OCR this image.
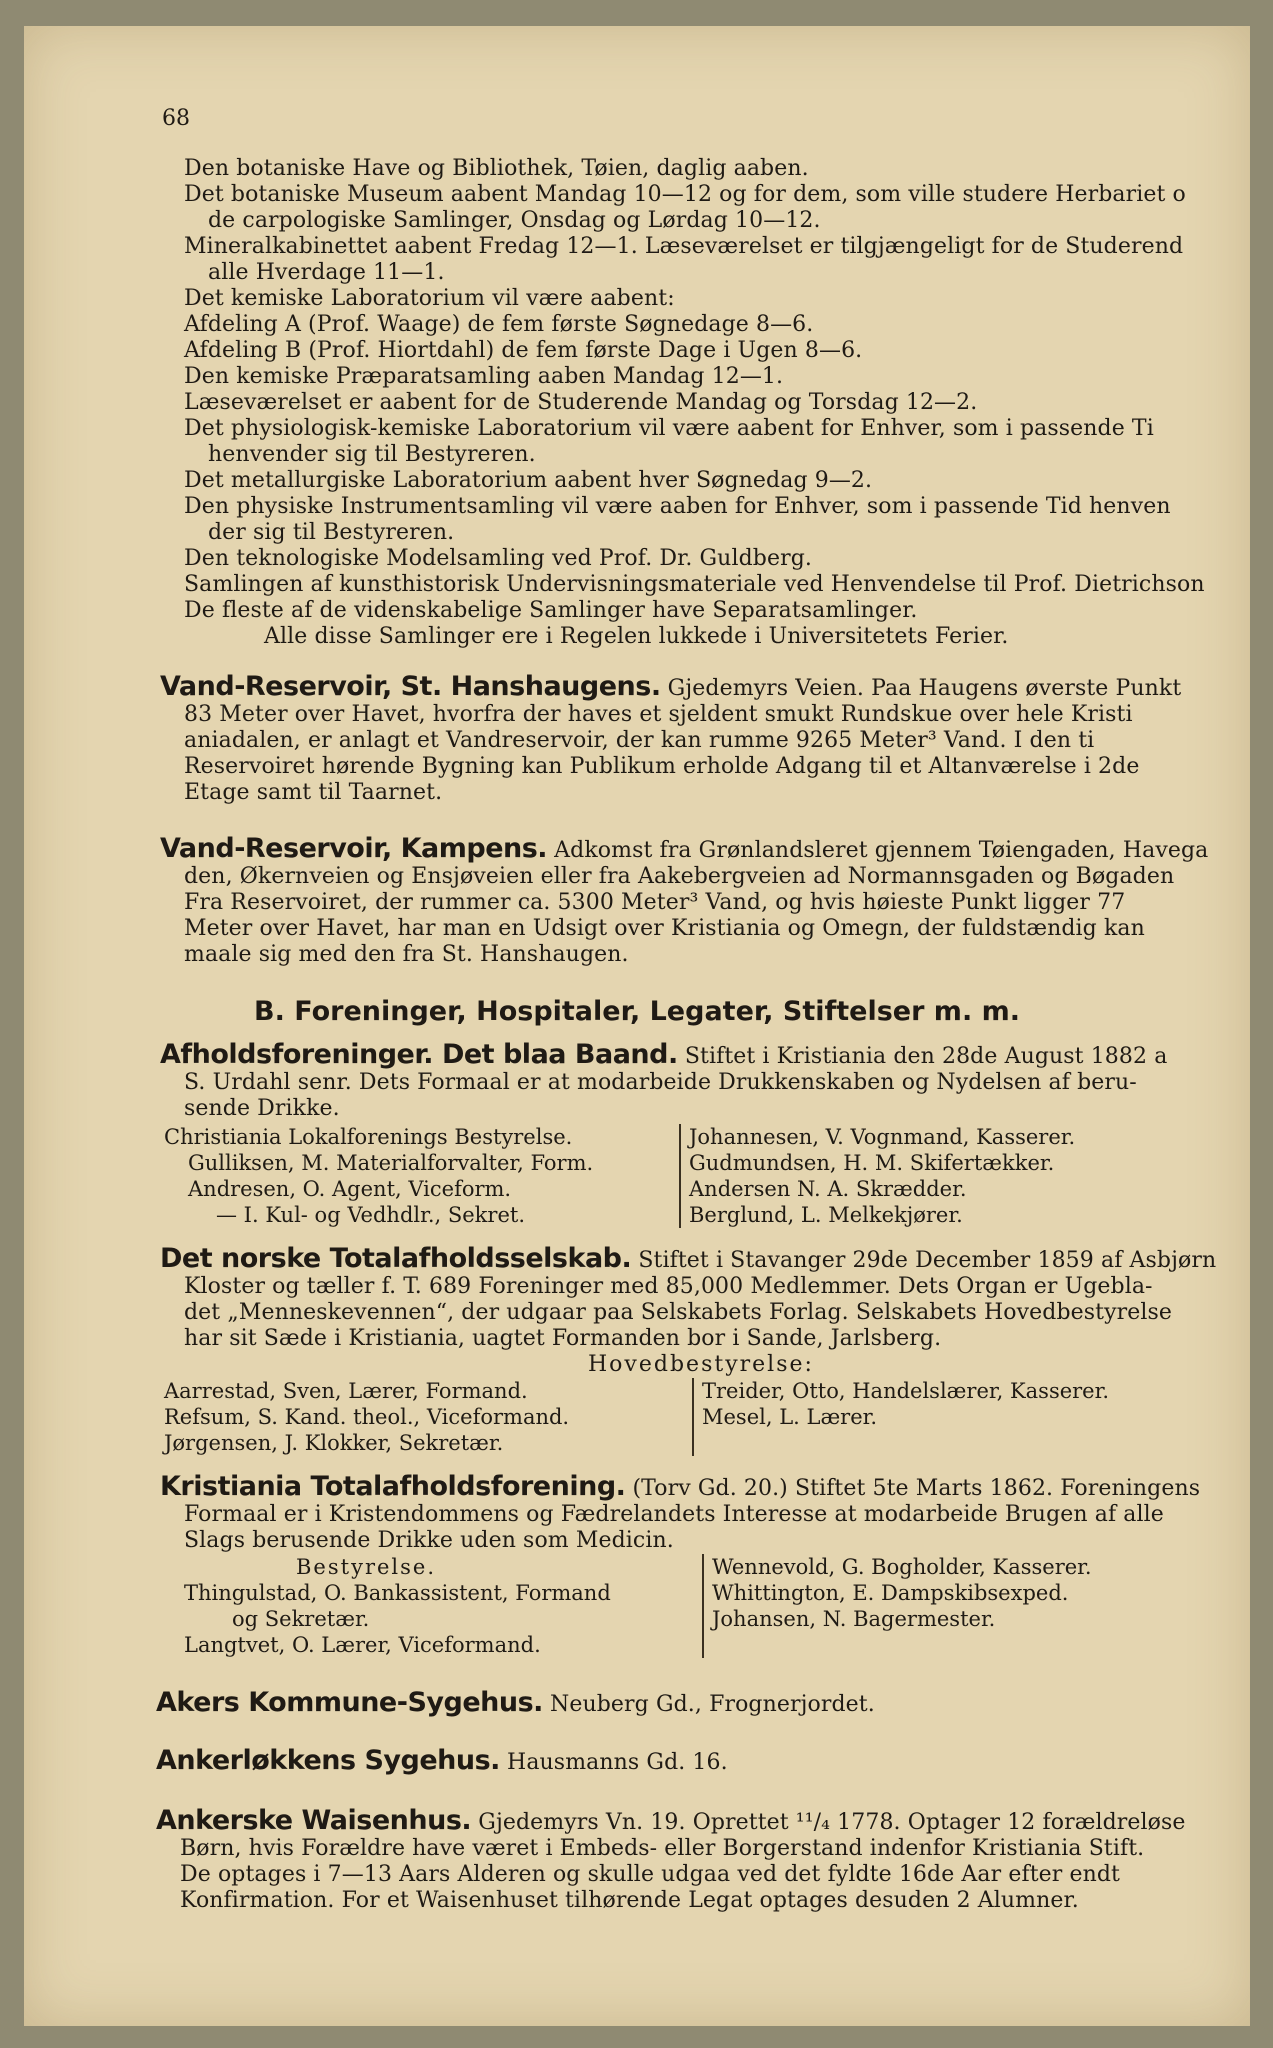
68
Den botaniske Have og Bibliothek, Tøien, daglig aaben.
Det botaniske Museum aabent Mandag 10—12 og for dem, som ville studere Herbariet o
de carpologiske Samlinger, Onsdag og Lørdag 10—12.
Mineralkabinettet aabent Fredag 12—1. Læseværelset er tilgjængeligt for de Studerend
alle Hverdage 11—1.
Det kemiske Laboratorium vil være aabent:
Afdeling A (Prof. Waage) de fem første Søgnedage 8—6.
Afdeling B (Prof. Hiortdahl) de fem første Dage i Ugen 8—6.
Den kemiske Præparatsamling aaben Mandag 12—1.
Læseværelset er aabent for de Studerende Mandag og Torsdag 12—2.
Det physiologisk-kemiske Laboratorium vil være aabent for Enhver, som i passende Ti
henvender sig til Bestyreren.
Det metallurgiske Laboratorium aabent hver Søgnedag 9—2.
Den physiske Instrumentsamling vil være aaben for Enhver, som i passende Tid henven
der sig til Bestyreren.
Den teknologiske Modelsamling ved Prof. Dr. Guldberg.
Samlingen af kunsthistorisk Undervisningsmateriale ved Henvendelse til Prof. Dietrichson
De fleste af de videnskabelige Samlinger have Separatsamlinger.
Alle disse Samlinger ere i Regelen lukkede i Universitetets Ferier.
Vand-Reservoir, St. Hanshaugens. Gjedemyrs Veien. Paa Haugens øverste Punkt
83 Meter over Havet, hvorfra der haves et sjeldent smukt Rundskue over hele Kristi
aniadalen, er anlagt et Vandreservoir, der kan rumme 9265 Meter³ Vand. I den ti
Reservoiret hørende Bygning kan Publikum erholde Adgang til et Altanværelse i 2de
Etage samt til Taarnet.
Vand-Reservoir, Kampens. Adkomst fra Grønlandsleret gjennem Tøiengaden, Havega
den, Økernveien og Ensjøveien eller fra Aakebergveien ad Normannsgaden og Bøgaden
Fra Reservoiret, der rummer ca. 5300 Meter³ Vand, og hvis høieste Punkt ligger 77
Meter over Havet, har man en Udsigt over Kristiania og Omegn, der fuldstændig kan
maale sig med den fra St. Hanshaugen.
B. Foreninger, Hospitaler, Legater, Stiftelser m. m.
Afholdsforeninger. Det blaa Baand. Stiftet i Kristiania den 28de August 1882 a
S. Urdahl senr. Dets Formaal er at modarbeide Drukkenskaben og Nydelsen af beru-
sende Drikke.
Christiania Lokalforenings Bestyrelse.
Gulliksen, M. Materialforvalter, Form.
Andresen, O. Agent, Viceform.
— I. Kul- og Vedhdlr., Sekret.
Johannesen, V. Vognmand, Kasserer.
Gudmundsen, H. M. Skifertækker.
Andersen N. A. Skrædder.
Berglund, L. Melkekjører.
Det norske Totalafholdsselskab. Stiftet i Stavanger 29de December 1859 af Asbjørn
Kloster og tæller f. T. 689 Foreninger med 85,000 Medlemmer. Dets Organ er Ugebla-
det „Menneskevennen“, der udgaar paa Selskabets Forlag. Selskabets Hovedbestyrelse
har sit Sæde i Kristiania, uagtet Formanden bor i Sande, Jarlsberg.
Hovedbestyrelse:
Aarrestad, Sven, Lærer, Formand.
Refsum, S. Kand. theol., Viceformand.
Jørgensen, J. Klokker, Sekretær.
Treider, Otto, Handelslærer, Kasserer.
Mesel, L. Lærer.

Kristiania Totalafholdsforening. (Torv Gd. 20.) Stiftet 5te Marts 1862. Foreningens
Formaal er i Kristendommens og Fædrelandets Interesse at modarbeide Brugen af alle
Slags berusende Drikke uden som Medicin.
Bestyrelse.
Thingulstad, O. Bankassistent, Formand
og Sekretær.
Langtvet, O. Lærer, Viceformand.
Wennevold, G. Bogholder, Kasserer.
Whittington, E. Dampskibsexped.
Johansen, N. Bagermester.
Akers Kommune-Sygehus. Neuberg Gd., Frognerjordet.
Ankerløkkens Sygehus. Hausmanns Gd. 16.
Ankerske Waisenhus. Gjedemyrs Vn. 19. Oprettet ¹¹/₄ 1778. Optager 12 forældreløse
Børn, hvis Forældre have været i Embeds- eller Borgerstand indenfor Kristiania Stift.
De optages i 7—13 Aars Alderen og skulle udgaa ved det fyldte 16de Aar efter endt
Konfirmation. For et Waisenhuset tilhørende Legat optages desuden 2 Alumner.
